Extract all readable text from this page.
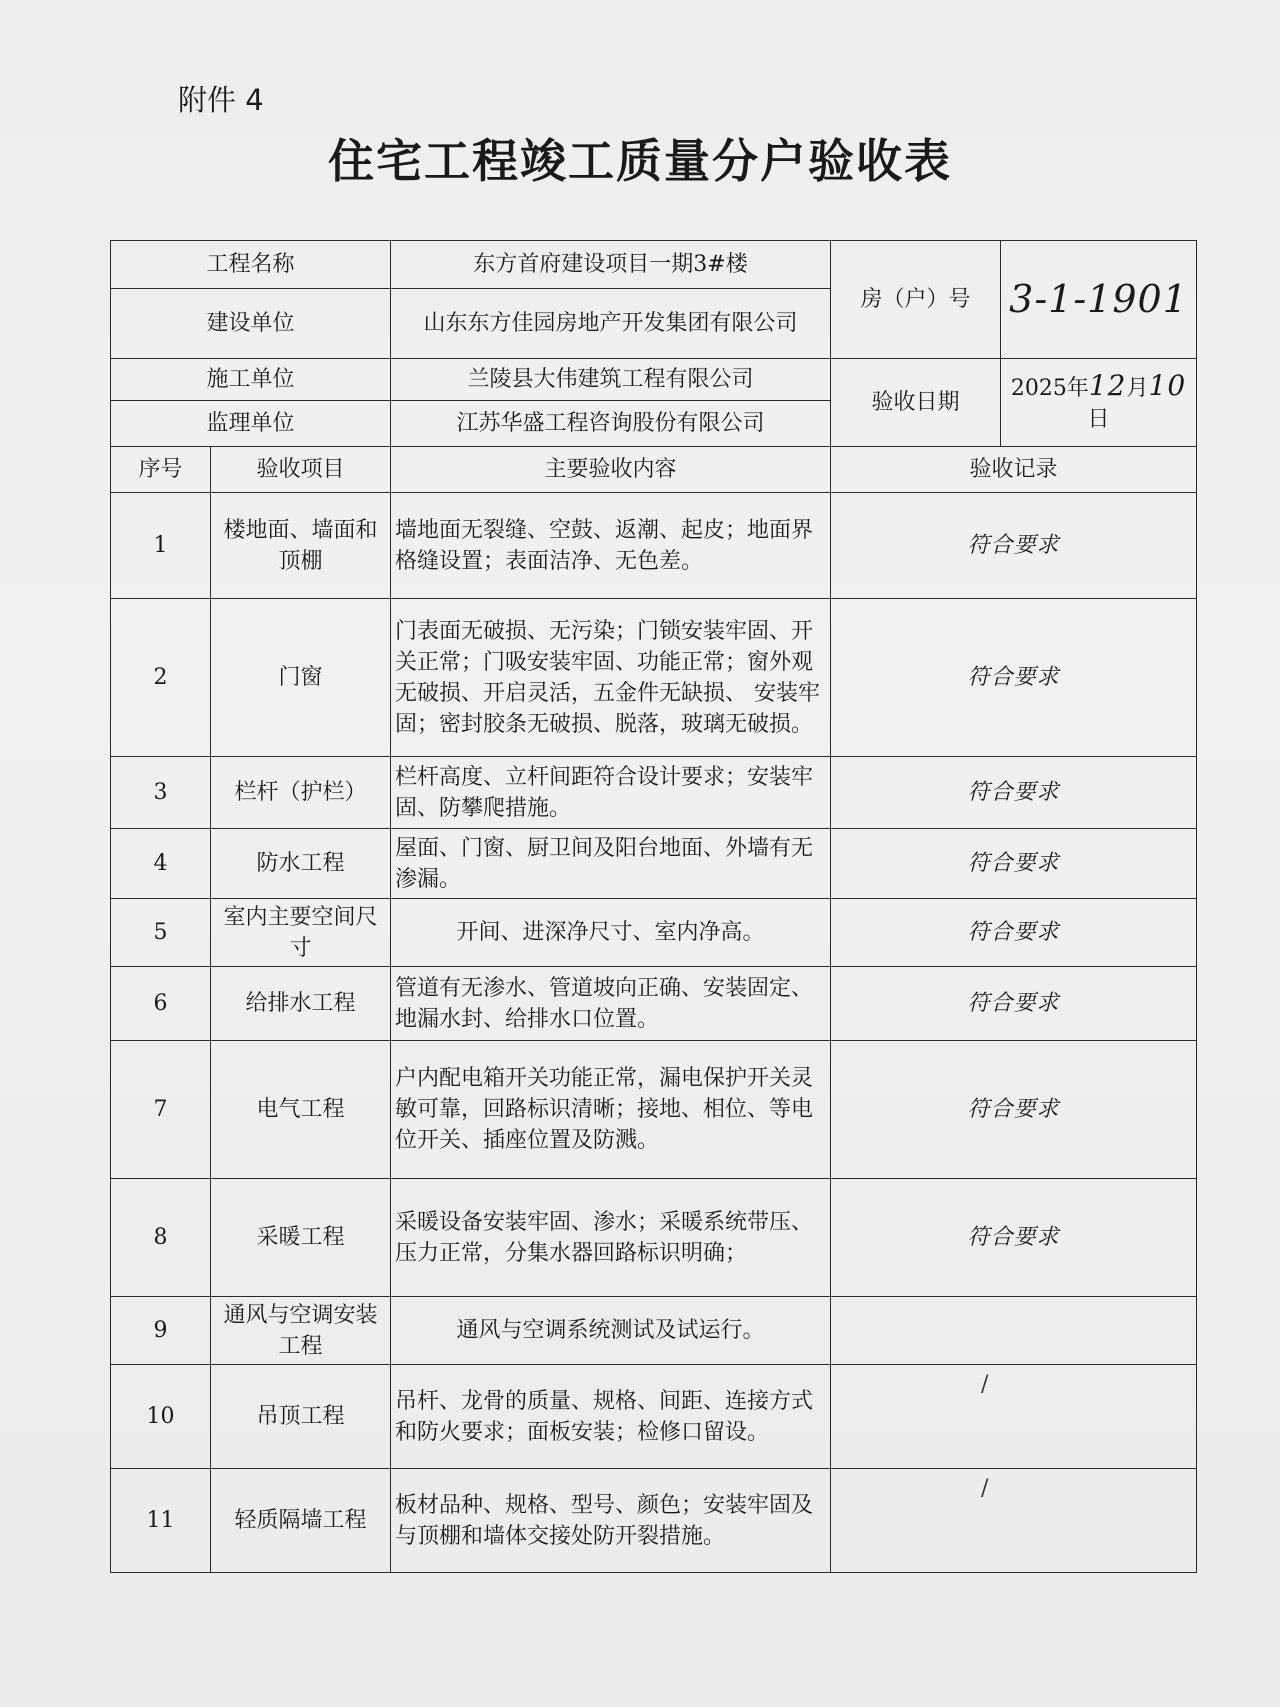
附件 4
住宅工程竣工质量分户验收表
工程名称		东方首府建设项目一期3#楼	房（户）号	3-1-1901
建设单位		山东东方佳园房地产开发集团有限公司		
施工单位		兰陵县大伟建筑工程有限公司	验收日期	2025年12月10日
监理单位		江苏华盛工程咨询股份有限公司		
序号	验收项目	主要验收内容	验收记录	
1	楼地面、墙面和顶棚	墙地面无裂缝、空鼓、返潮、起皮；地面界格缝设置；表面洁净、无色差。	符合要求	
2	门窗	门表面无破损、无污染；门锁安装牢固、开关正常；门吸安装牢固、功能正常；窗外观无破损、开启灵活，五金件无缺损、 安装牢固；密封胶条无破损、脱落，玻璃无破损。	符合要求	
3	栏杆（护栏）	栏杆高度、立杆间距符合设计要求；安装牢固、防攀爬措施。	符合要求	
4	防水工程	屋面、门窗、厨卫间及阳台地面、外墙有无渗漏。	符合要求	
5	室内主要空间尺寸	开间、进深净尺寸、室内净高。	符合要求	
6	给排水工程	管道有无渗水、管道坡向正确、安装固定、地漏水封、给排水口位置。	符合要求	
7	电气工程	户内配电箱开关功能正常，漏电保护开关灵敏可靠，回路标识清晰；接地、相位、等电位开关、插座位置及防溅。	符合要求	
8	采暖工程	采暖设备安装牢固、渗水；采暖系统带压、压力正常，分集水器回路标识明确；	符合要求	
9	通风与空调安装工程	通风与空调系统测试及试运行。		
10	吊顶工程	吊杆、龙骨的质量、规格、间距、连接方式和防火要求；面板安装；检修口留设。	/	
11	轻质隔墙工程	板材品种、规格、型号、颜色；安装牢固及与顶棚和墙体交接处防开裂措施。	/	
